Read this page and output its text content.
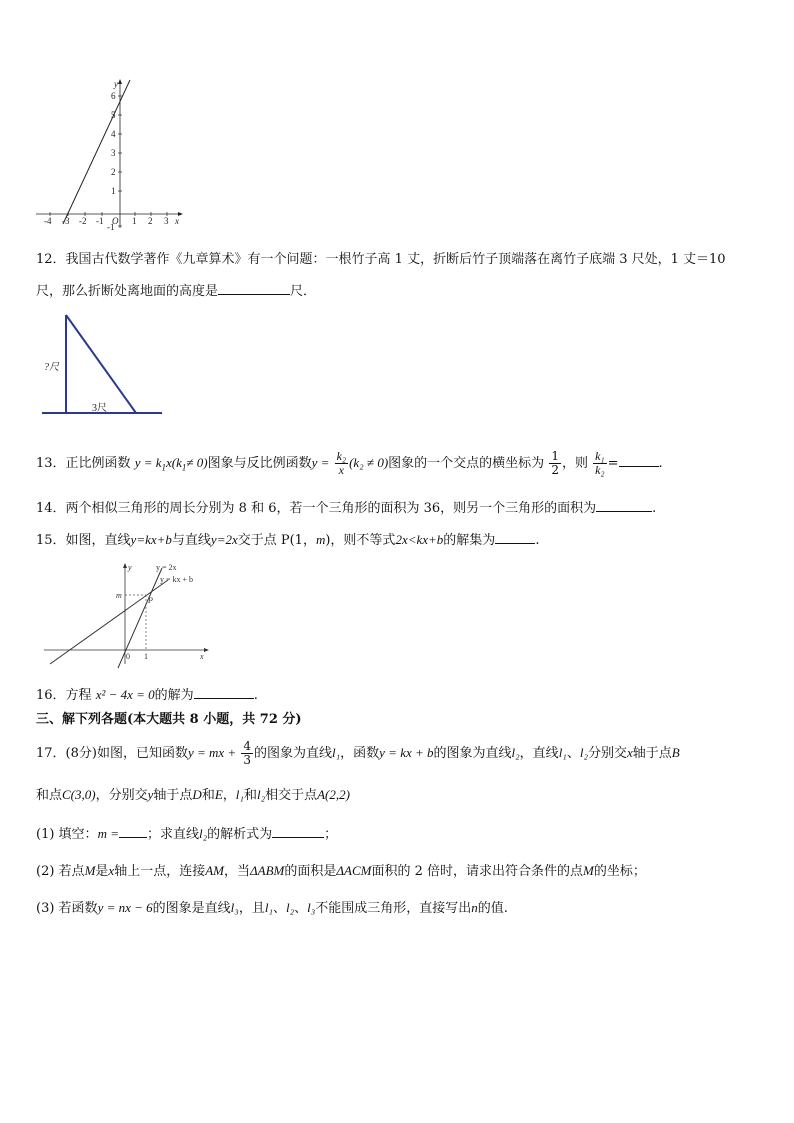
6
5
4
3
2
1
-1
y
-4 -3 -2 -1 O 1 2 3 x
12．我国古代数学著作《九章算术》有一个问题：一根竹子高 1 丈，折断后竹子顶端落在离竹子底端 3 尺处，1 丈＝10
尺，那么折断处离地面的高度是	尺．
?尺
3尺
13．正比例函数 $y = k_1x(k_1\ne 0)$图象与反比例函数$y = \frac{\text{k₂}}{x} (k_2 \ne 0)$图象的一个交点的横坐标为 $\frac{1}{2}$ ，则 $\frac{\text{k₁}}{\text{k₂}}$ =	.
14．两个相似三角形的周长分别为 8 和 6，若一个三角形的面积为 36，则另一个三角形的面积为	.
15．如图，直线y=kx+b与直线y=2x交于点 P(1，m)，则不等式2x<kx+b的解集为	.
y = 2x
y = kx + b
m
P
0 1	x
y
16．方程 x² − 4x = 0的解为	.
三、解下列各题(本大题共 8 小题，共 72 分)
17．(8分)如图，已知函数y = mx + $\frac{4}{3}$ 的图象为直线l₁，函数y = kx + b的图象为直线l₂，直线l₁、l₂分别交x轴于点B
和点C(3,0)，分别交y轴于点D和E，l₁和l₂相交于点A(2,2)
(1) 填空：m = ；求直线l₂的解析式为	；
(2) 若点M是x轴上一点，连接AM，当ΔABM的面积是ΔACM面积的 2 倍时，请求出符合条件的点M的坐标；
(3) 若函数y = nx − 6的图象是直线l₃，且l₁、l₂、l₃不能围成三角形，直接写出n的值.
